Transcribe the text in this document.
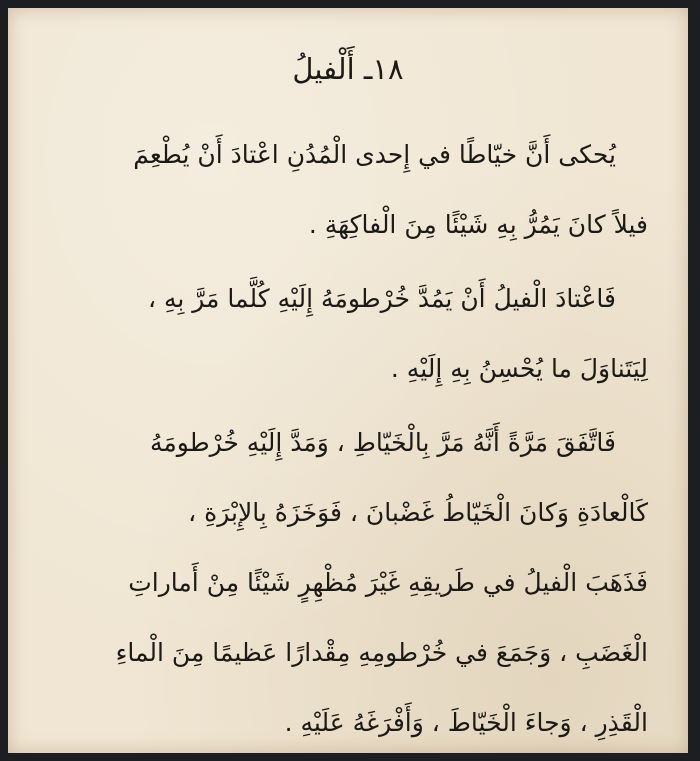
١٨ـ أَلْفيلُ
يُحكى أَنَّ خيّاطًا في إِحدى الْمُدُنِ اعْتادَ أَنْ يُطْعِمَ
فيلاً كانَ يَمُرُّ بِهِ شَيْئًا مِنَ الْفاكِهَةِ .
فَاعْتادَ الْفيلُ أَنْ يَمُدَّ خُرْطومَهُ إِلَيْهِ كُلَّما مَرَّ بِهِ ،
لِيَتَناوَلَ ما يُحْسِنُ بِهِ إِلَيْهِ .
فَاتَّفَقَ مَرَّةً أَنَّهُ مَرَّ بِالْخَيّاطِ ، وَمَدَّ إِلَيْهِ خُرْطومَهُ
كَالْعادَةِ وَكانَ الْخَيّاطُ غَضْبانَ ، فَوَخَزَهُ بِالإِبْرَةِ ،
فَذَهَبَ الْفيلُ في طَريقِهِ غَيْرَ مُظْهِرٍ شَيْئًا مِنْ أَماراتِ
الْغَضَبِ ، وَجَمَعَ في خُرْطومِهِ مِقْدارًا عَظيمًا مِنَ الْماءِ
الْقَذِرِ ، وَجاءَ الْخَيّاطَ ، وَأَفْرَغَهُ عَلَيْهِ .
